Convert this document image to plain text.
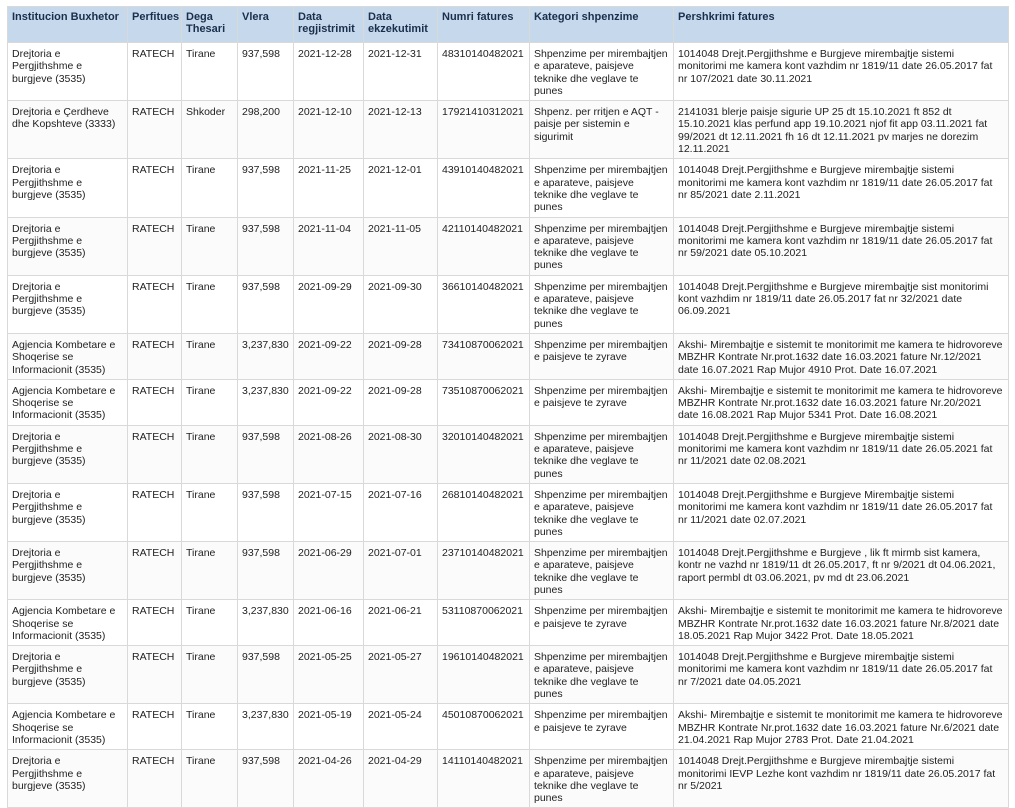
Institucion Buxhetor	Perfitues	Dega Thesari	Vlera	Data regjistrimit	Data ekzekutimit	Numri fatures	Kategori shpenzime	Pershkrimi fatures
Drejtoria e Pergjithshme e burgjeve (3535)	RATECH	Tirane	937,598	2021-12-28	2021-12-31	48310140482021	Shpenzime per mirembajtjen e aparateve, paisjeve teknike dhe veglave te punes	1014048 Drejt.Pergjithshme e Burgjeve mirembajtje sistemi monitorimi me kamera kont vazhdim nr 1819/11 date 26.05.2017 fat nr 107/2021 date 30.11.2021
Drejtoria e Çerdheve dhe Kopshteve (3333)	RATECH	Shkoder	298,200	2021-12-10	2021-12-13	17921410312021	Shpenz. per rritjen e AQT - paisje per sistemin e sigurimit	2141031 blerje paisje sigurie UP 25 dt 15.10.2021 ft 852 dt 15.10.2021 klas perfund app 19.10.2021 njof fit app 03.11.2021 fat 99/2021 dt 12.11.2021 fh 16 dt 12.11.2021 pv marjes ne dorezim 12.11.2021
Drejtoria e Pergjithshme e burgjeve (3535)	RATECH	Tirane	937,598	2021-11-25	2021-12-01	43910140482021	Shpenzime per mirembajtjen e aparateve, paisjeve teknike dhe veglave te punes	1014048 Drejt.Pergjithshme e Burgjeve mirembajtje sistemi monitorimi me kamera kont vazhdim nr 1819/11 date 26.05.2017 fat nr 85/2021 date 2.11.2021
Drejtoria e Pergjithshme e burgjeve (3535)	RATECH	Tirane	937,598	2021-11-04	2021-11-05	42110140482021	Shpenzime per mirembajtjen e aparateve, paisjeve teknike dhe veglave te punes	1014048 Drejt.Pergjithshme e Burgjeve mirembajtje sistemi monitorimi me kamera kont vazhdim nr 1819/11 date 26.05.2017 fat nr 59/2021 date 05.10.2021
Drejtoria e Pergjithshme e burgjeve (3535)	RATECH	Tirane	937,598	2021-09-29	2021-09-30	36610140482021	Shpenzime per mirembajtjen e aparateve, paisjeve teknike dhe veglave te punes	1014048 Drejt.Pergjithshme e Burgjeve mirembajtje sist monitorimi kont vazhdim nr 1819/11 date 26.05.2017 fat nr 32/2021 date 06.09.2021
Agjencia Kombetare e Shoqerise se Informacionit (3535)	RATECH	Tirane	3,237,830	2021-09-22	2021-09-28	73410870062021	Shpenzime per mirembajtjen e paisjeve te zyrave	Akshi- Mirembajtje e sistemit te monitorimit me kamera te hidrovoreve MBZHR Kontrate Nr.prot.1632 date 16.03.2021 fature Nr.12/2021 date 16.07.2021 Rap Mujor 4910 Prot. Date 16.07.2021
Agjencia Kombetare e Shoqerise se Informacionit (3535)	RATECH	Tirane	3,237,830	2021-09-22	2021-09-28	73510870062021	Shpenzime per mirembajtjen e paisjeve te zyrave	Akshi- Mirembajtje e sistemit te monitorimit me kamera te hidrovoreve MBZHR Kontrate Nr.prot.1632 date 16.03.2021 fature Nr.20/2021 date 16.08.2021 Rap Mujor 5341 Prot. Date 16.08.2021
Drejtoria e Pergjithshme e burgjeve (3535)	RATECH	Tirane	937,598	2021-08-26	2021-08-30	32010140482021	Shpenzime per mirembajtjen e aparateve, paisjeve teknike dhe veglave te punes	1014048 Drejt.Pergjithshme e Burgjeve mirembajtje sistemi monitorimi me kamera kont vazhdim nr 1819/11 date 26.05.2021 fat nr 11/2021 date 02.08.2021
Drejtoria e Pergjithshme e burgjeve (3535)	RATECH	Tirane	937,598	2021-07-15	2021-07-16	26810140482021	Shpenzime per mirembajtjen e aparateve, paisjeve teknike dhe veglave te punes	1014048 Drejt.Pergjithshme e Burgjeve Mirembajtje sistemi monitorimi me kamera kont vazhdim nr 1819/11 date 26.05.2017 fat nr 11/2021 date 02.07.2021
Drejtoria e Pergjithshme e burgjeve (3535)	RATECH	Tirane	937,598	2021-06-29	2021-07-01	23710140482021	Shpenzime per mirembajtjen e aparateve, paisjeve teknike dhe veglave te punes	1014048 Drejt.Pergjithshme e Burgjeve , lik ft mirmb sist kamera, kontr ne vazhd nr 1819/11 dt 26.05.2017, ft nr 9/2021 dt 04.06.2021, raport permbl dt 03.06.2021, pv md dt 23.06.2021
Agjencia Kombetare e Shoqerise se Informacionit (3535)	RATECH	Tirane	3,237,830	2021-06-16	2021-06-21	53110870062021	Shpenzime per mirembajtjen e paisjeve te zyrave	Akshi- Mirembajtje e sistemit te monitorimit me kamera te hidrovoreve MBZHR Kontrate Nr.prot.1632 date 16.03.2021 fature Nr.8/2021 date 18.05.2021 Rap Mujor 3422 Prot. Date 18.05.2021
Drejtoria e Pergjithshme e burgjeve (3535)	RATECH	Tirane	937,598	2021-05-25	2021-05-27	19610140482021	Shpenzime per mirembajtjen e aparateve, paisjeve teknike dhe veglave te punes	1014048 Drejt.Pergjithshme e Burgjeve mirembajtje sistemi monitorimi me kamera kont vazhdim nr 1819/11 date 26.05.2017 fat nr 7/2021 date 04.05.2021
Agjencia Kombetare e Shoqerise se Informacionit (3535)	RATECH	Tirane	3,237,830	2021-05-19	2021-05-24	45010870062021	Shpenzime per mirembajtjen e paisjeve te zyrave	Akshi- Mirembajtje e sistemit te monitorimit me kamera te hidrovoreve MBZHR Kontrate Nr.prot.1632 date 16.03.2021 fature Nr.6/2021 date 21.04.2021 Rap Mujor 2783 Prot. Date 21.04.2021
Drejtoria e Pergjithshme e burgjeve (3535)	RATECH	Tirane	937,598	2021-04-26	2021-04-29	14110140482021	Shpenzime per mirembajtjen e aparateve, paisjeve teknike dhe veglave te punes	1014048 Drejt.Pergjithshme e Burgjeve mirembajtje sistemi monitorimi IEVP Lezhe kont vazhdim nr 1819/11 date 26.05.2017 fat nr 5/2021
